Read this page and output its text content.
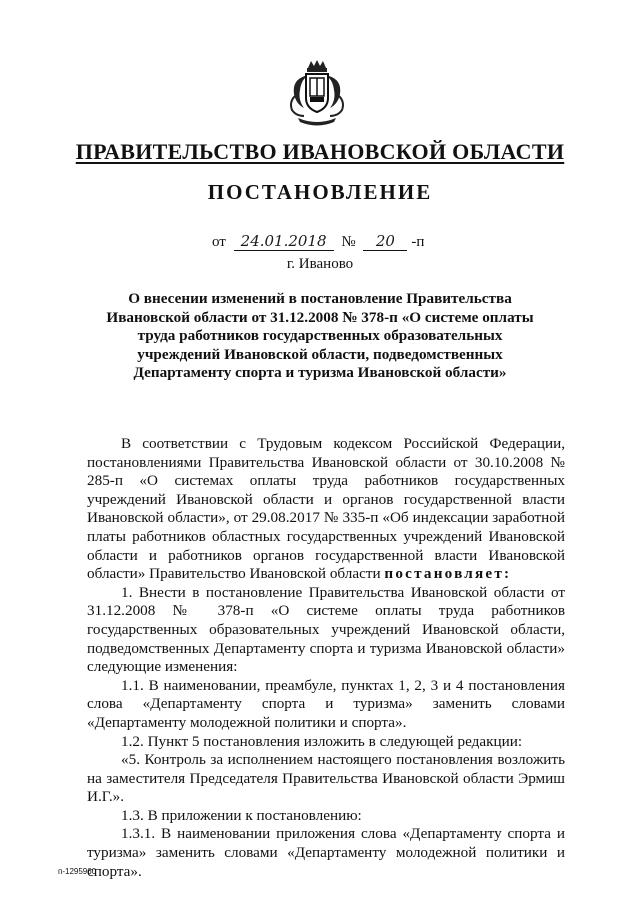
ПРАВИТЕЛЬСТВО ИВАНОВСКОЙ ОБЛАСТИ
ПОСТАНОВЛЕНИЕ
от 24.01.2018 № 20 -п
г. Иваново
О внесении изменений в постановление Правительства Ивановской области от 31.12.2008 № 378-п «О системе оплаты труда работников государственных образовательных учреждений Ивановской области, подведомственных Департаменту спорта и туризма Ивановской области»

В соответствии с Трудовым кодексом Российской Федерации, постановлениями Правительства Ивановской области от 30.10.2008 № 285-п «О системах оплаты труда работников государственных учреждений Ивановской области и органов государственной власти Ивановской области», от 29.08.2017 № 335-п «Об индексации заработной платы работников областных государственных учреждений Ивановской области и работников органов государственной власти Ивановской области» Правительство Ивановской области постановляет:

1. Внести в постановление Правительства Ивановской области от 31.12.2008 № 378-п «О системе оплаты труда работников государственных образовательных учреждений Ивановской области, подведомственных Департаменту спорта и туризма Ивановской области» следующие изменения:

1.1. В наименовании, преамбуле, пунктах 1, 2, 3 и 4 постановления слова «Департаменту спорта и туризма» заменить словами «Департаменту молодежной политики и спорта».

1.2. Пункт 5 постановления изложить в следующей редакции:

«5. Контроль за исполнением настоящего постановления возложить на заместителя Председателя Правительства Ивановской области Эрмиш И.Г.».

1.3. В приложении к постановлению:

1.3.1. В наименовании приложения слова «Департаменту спорта и туризма» заменить словами «Департаменту молодежной политики и спорта».

п-1295960
